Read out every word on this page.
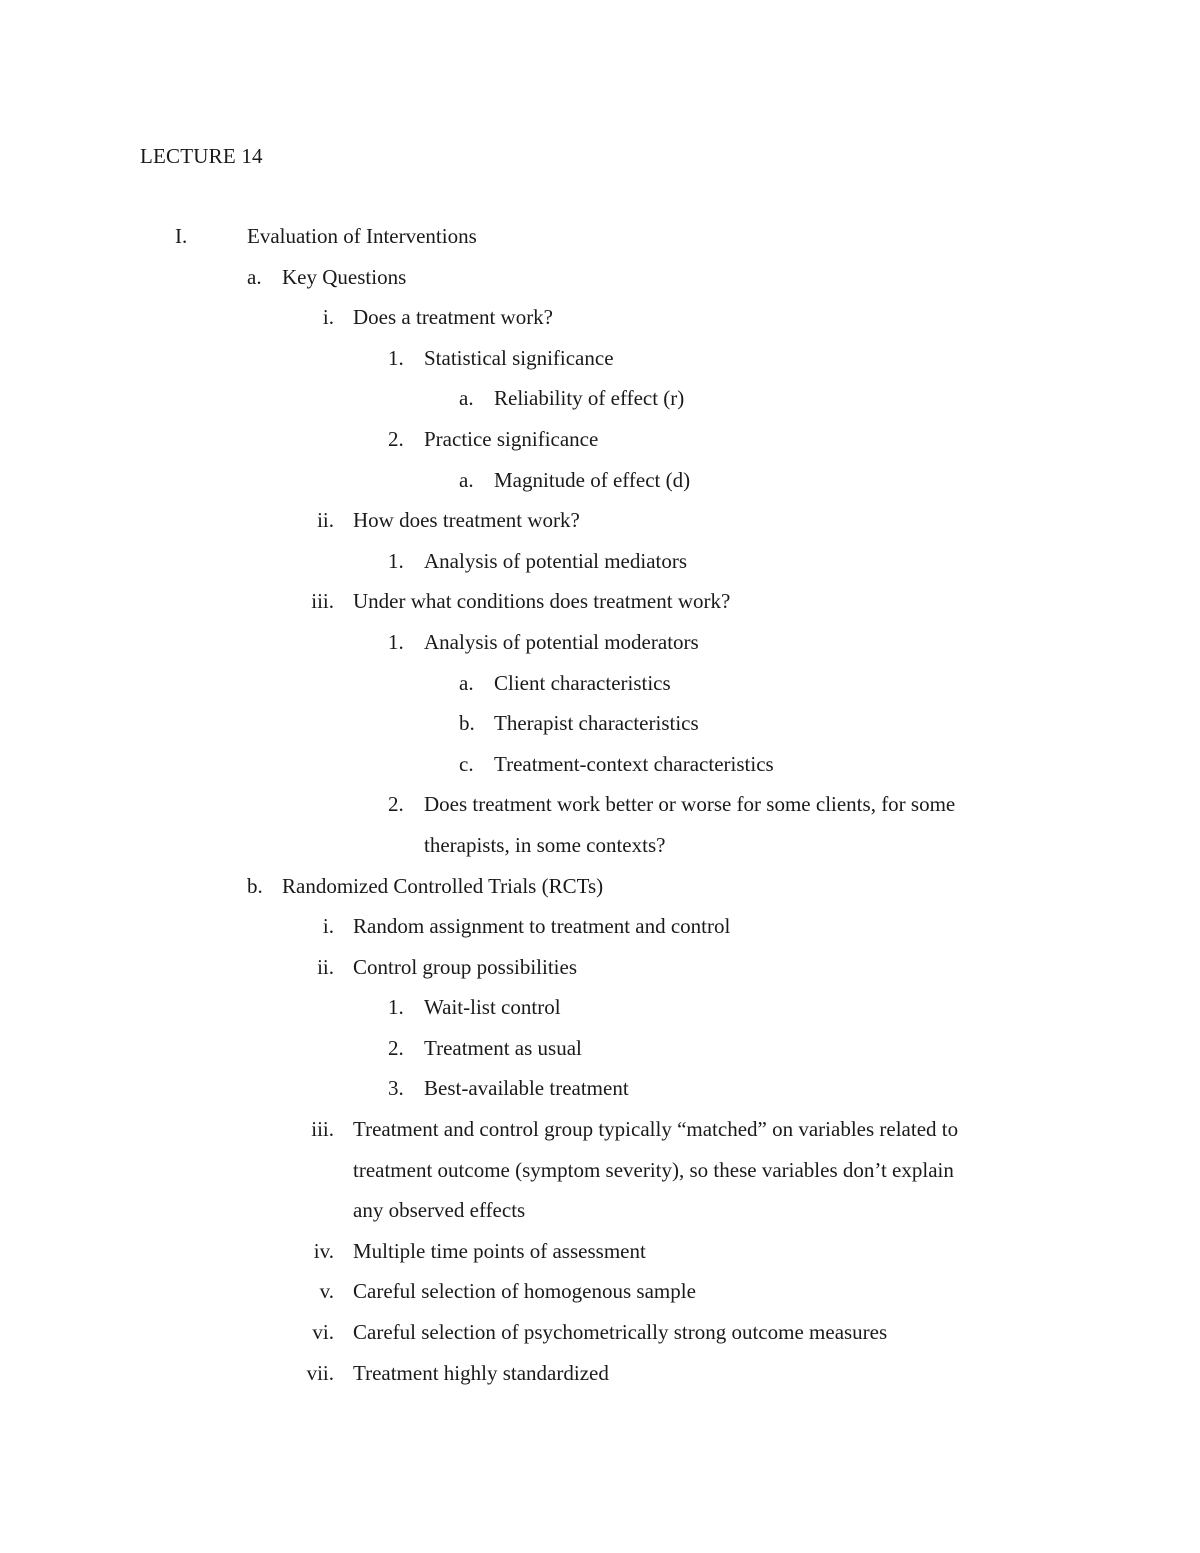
LECTURE 14
I.	Evaluation of Interventions
a. Key Questions
i. Does a treatment work?
1. Statistical significance
a. Reliability of effect (r)
2. Practice significance
a. Magnitude of effect (d)
ii. How does treatment work?
1. Analysis of potential mediators
iii. Under what conditions does treatment work?
1. Analysis of potential moderators
a. Client characteristics
b. Therapist characteristics
c. Treatment-context characteristics
2. Does treatment work better or worse for some clients, for some
therapists, in some contexts?
b. Randomized Controlled Trials (RCTs)
i. Random assignment to treatment and control
ii. Control group possibilities
1. Wait-list control
2. Treatment as usual
3. Best-available treatment
iii. Treatment and control group typically “matched” on variables related to
treatment outcome (symptom severity), so these variables don’t explain
any observed effects
iv. Multiple time points of assessment
v. Careful selection of homogenous sample
vi. Careful selection of psychometrically strong outcome measures
vii. Treatment highly standardized
